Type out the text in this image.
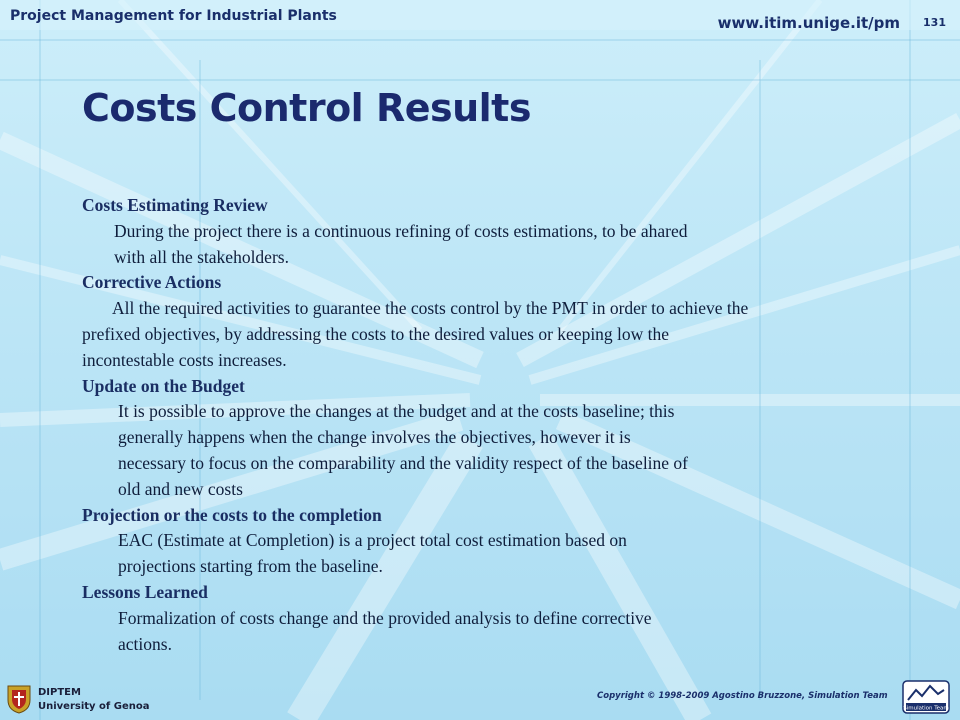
Project Management for Industrial Plants	www.itim.unige.it/pm 131
Costs Control Results

Costs Estimating Review

During the project there is a continuous refining of costs estimations, to be ahared

with all the stakeholders.

Corrective Actions

All the required activities to guarantee the costs control by the PMT in order to achieve the

prefixed objectives, by addressing the costs to the desired values or keeping low the

incontestable costs increases.

Update on the Budget

It is possible to approve the changes at the budget and at the costs baseline; this

generally happens when the change involves the objectives, however it is

necessary to focus on the comparability and the validity respect of the baseline of

old and new costs

Projection or the costs to the completion

EAC (Estimate at Completion) is a project total cost estimation based on

projections starting from the baseline.

Lessons Learned

Formalization of costs change and the provided analysis to define corrective

actions.

DIPTEM
University of Genoa
Copyright © 1998-2009 Agostino Bruzzone, Simulation Team
Simulation Team
